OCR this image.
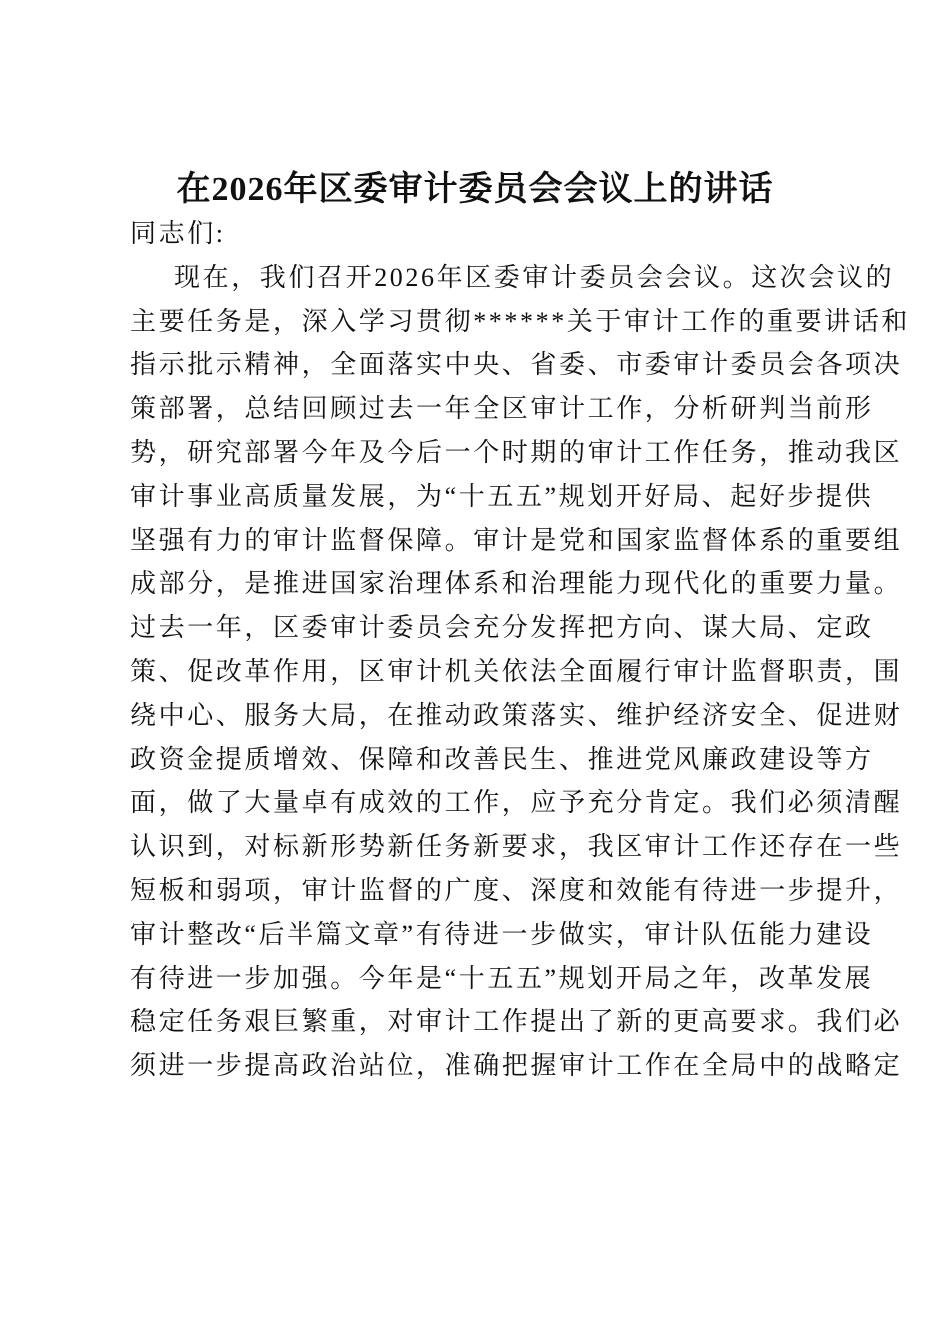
在2026年区委审计委员会会议上的讲话
同志们:
现在，我们召开2026年区委审计委员会会议。这次会议的
主要任务是，深入学习贯彻******关于审计工作的重要讲话和
指示批示精神，全面落实中央、省委、市委审计委员会各项决
策部署，总结回顾过去一年全区审计工作，分析研判当前形
势，研究部署今年及今后一个时期的审计工作任务，推动我区
审计事业高质量发展，为“十五五”规划开好局、起好步提供
坚强有力的审计监督保障。审计是党和国家监督体系的重要组
成部分，是推进国家治理体系和治理能力现代化的重要力量。
过去一年，区委审计委员会充分发挥把方向、谋大局、定政
策、促改革作用，区审计机关依法全面履行审计监督职责，围
绕中心、服务大局，在推动政策落实、维护经济安全、促进财
政资金提质增效、保障和改善民生、推进党风廉政建设等方
面，做了大量卓有成效的工作，应予充分肯定。我们必须清醒
认识到，对标新形势新任务新要求，我区审计工作还存在一些
短板和弱项，审计监督的广度、深度和效能有待进一步提升，
审计整改“后半篇文章”有待进一步做实，审计队伍能力建设
有待进一步加强。今年是“十五五”规划开局之年，改革发展
稳定任务艰巨繁重，对审计工作提出了新的更高要求。我们必
须进一步提高政治站位，准确把握审计工作在全局中的战略定
